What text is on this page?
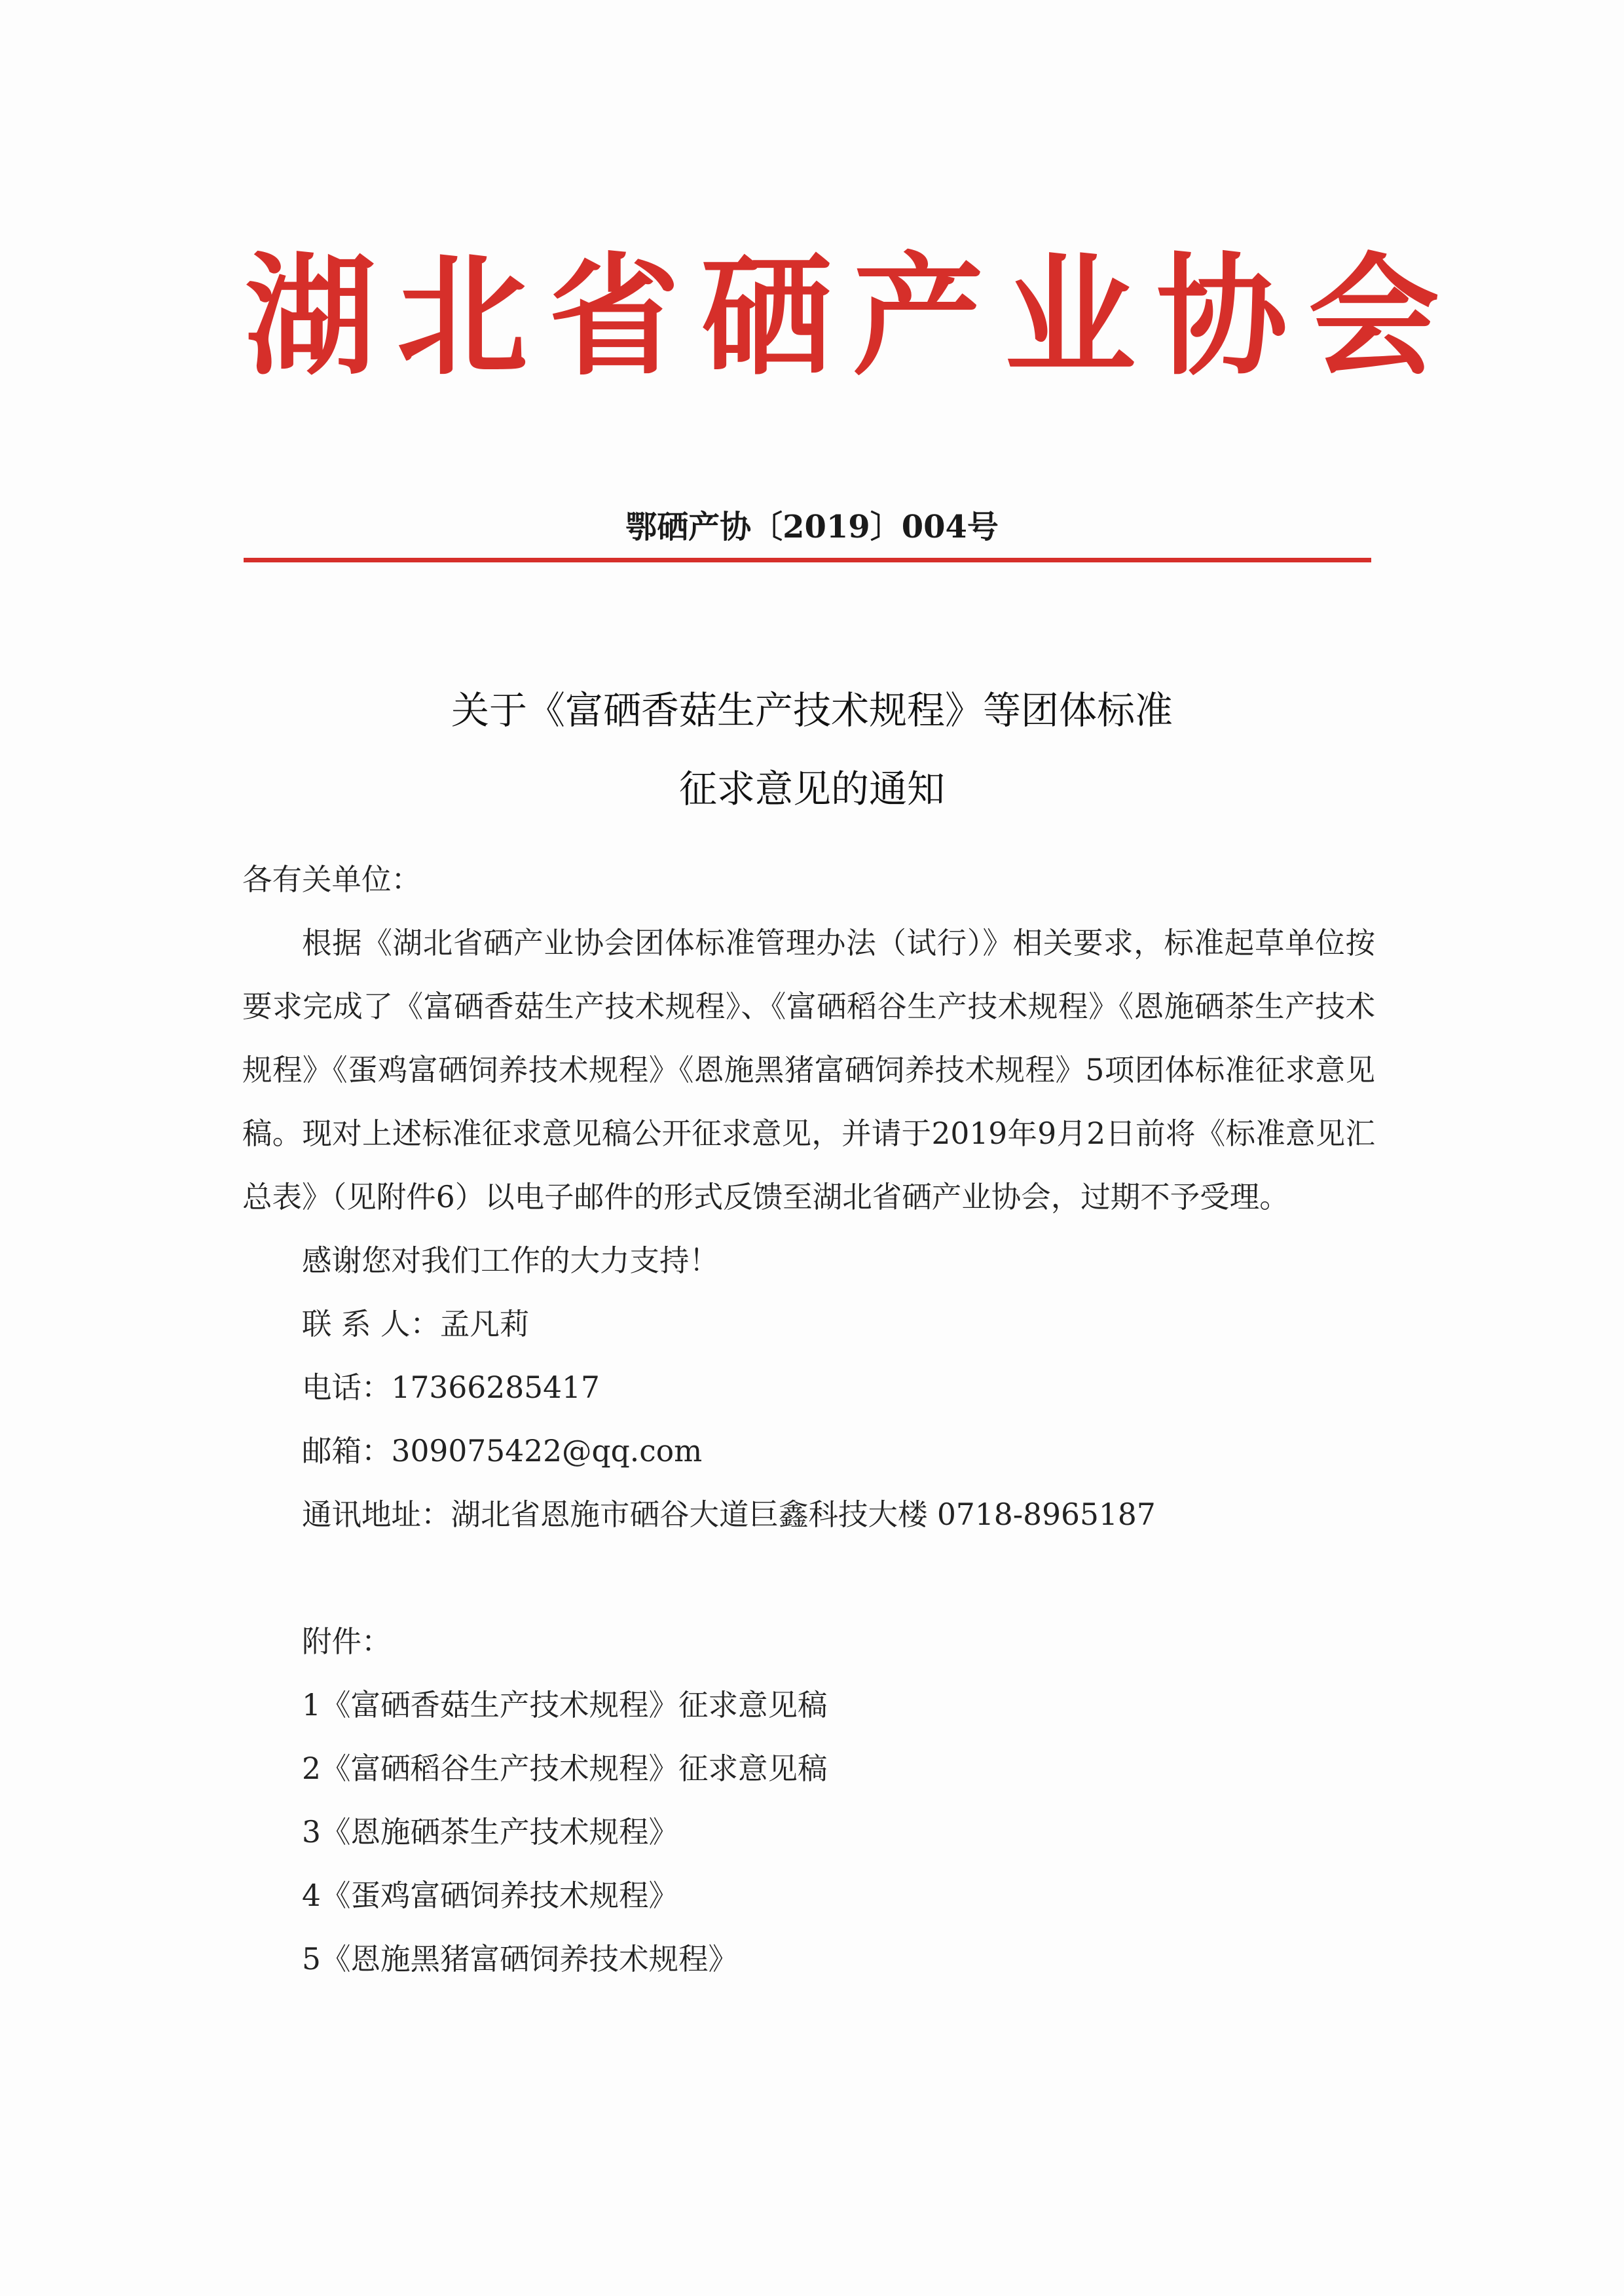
湖北省硒产业协会
鄂硒产协〔2019〕004号
关于《富硒香菇生产技术规程》等团体标准
征求意见的通知

各有关单位：

根据《湖北省硒产业协会团体标准管理办法（试行）》相关要求，标准起草单位按要求完成了《富硒香菇生产技术规程》、《富硒稻谷生产技术规程》《恩施硒茶生产技术规程》《蛋鸡富硒饲养技术规程》《恩施黑猪富硒饲养技术规程》5项团体标准征求意见稿。现对上述标准征求意见稿公开征求意见，并请于2019年9月2日前将《标准意见汇总表》（见附件6）以电子邮件的形式反馈至湖北省硒产业协会，过期不予受理。

感谢您对我们工作的大力支持！

联 系 人：孟凡莉

电话：17366285417

邮箱：309075422@qq.com

通讯地址：湖北省恩施市硒谷大道巨鑫科技大楼 0718-8965187

附件：

1《富硒香菇生产技术规程》征求意见稿

2《富硒稻谷生产技术规程》征求意见稿

3《恩施硒茶生产技术规程》

4《蛋鸡富硒饲养技术规程》

5《恩施黑猪富硒饲养技术规程》
